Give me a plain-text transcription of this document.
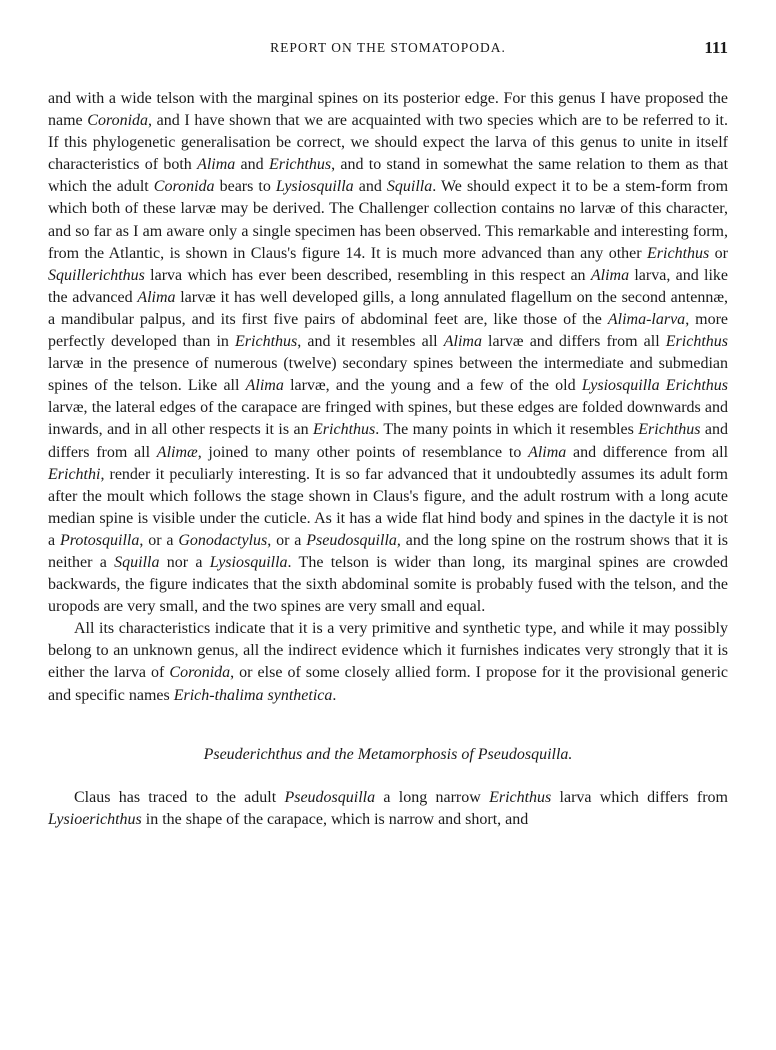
REPORT ON THE STOMATOPODA.	111

and with a wide telson with the marginal spines on its posterior edge. For this genus I have proposed the name Coronida, and I have shown that we are acquainted with two species which are to be referred to it. If this phylogenetic generalisation be correct, we should expect the larva of this genus to unite in itself characteristics of both Alima and Erichthus, and to stand in somewhat the same relation to them as that which the adult Coronida bears to Lysiosquilla and Squilla. We should expect it to be a stem-form from which both of these larvæ may be derived. The Challenger collection contains no larvæ of this character, and so far as I am aware only a single specimen has been observed. This remarkable and interesting form, from the Atlantic, is shown in Claus's figure 14. It is much more advanced than any other Erichthus or Squillerichthus larva which has ever been described, resembling in this respect an Alima larva, and like the advanced Alima larvæ it has well developed gills, a long annulated flagellum on the second antennæ, a mandibular palpus, and its first five pairs of abdominal feet are, like those of the Alima-larva, more perfectly developed than in Erichthus, and it resembles all Alima larvæ and differs from all Erichthus larvæ in the presence of numerous (twelve) secondary spines between the intermediate and submedian spines of the telson. Like all Alima larvæ, and the young and a few of the old Lysiosquilla Erichthus larvæ, the lateral edges of the carapace are fringed with spines, but these edges are folded downwards and inwards, and in all other respects it is an Erichthus. The many points in which it resembles Erichthus and differs from all Alimæ, joined to many other points of resemblance to Alima and difference from all Erichthi, render it peculiarly interesting. It is so far advanced that it undoubtedly assumes its adult form after the moult which follows the stage shown in Claus's figure, and the adult rostrum with a long acute median spine is visible under the cuticle. As it has a wide flat hind body and spines in the dactyle it is not a Protosquilla, or a Gonodactylus, or a Pseudosquilla, and the long spine on the rostrum shows that it is neither a Squilla nor a Lysiosquilla. The telson is wider than long, its marginal spines are crowded backwards, the figure indicates that the sixth abdominal somite is probably fused with the telson, and the uropods are very small, and the two spines are very small and equal.

All its characteristics indicate that it is a very primitive and synthetic type, and while it may possibly belong to an unknown genus, all the indirect evidence which it furnishes indicates very strongly that it is either the larva of Coronida, or else of some closely allied form. I propose for it the provisional generic and specific names Erich-thalima synthetica.

Pseuderichthus and the Metamorphosis of Pseudosquilla.

Claus has traced to the adult Pseudosquilla a long narrow Erichthus larva which differs from Lysioerichthus in the shape of the carapace, which is narrow and short, and
